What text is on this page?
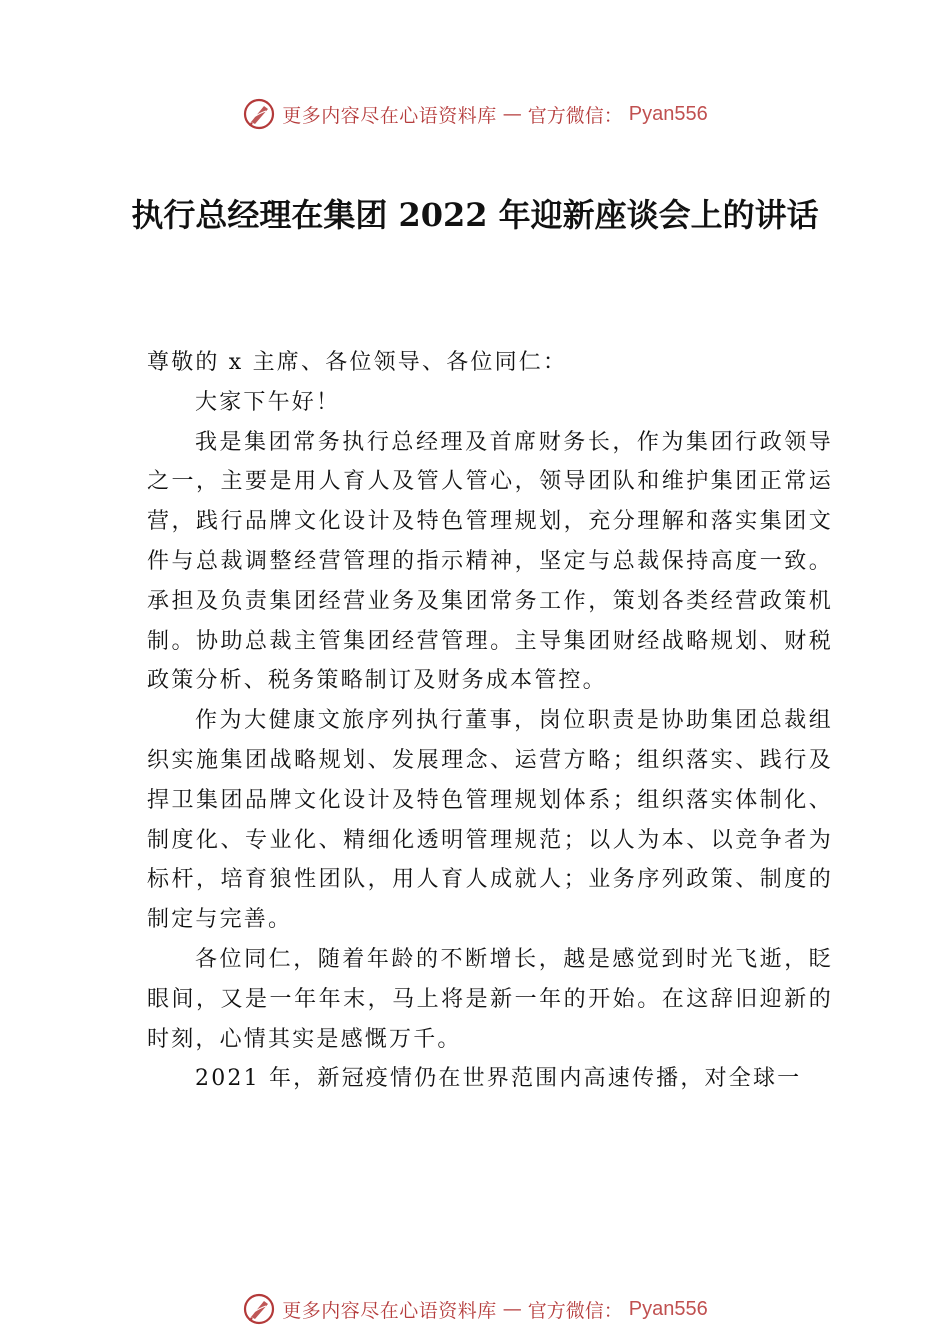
更多内容尽在心语资料库 — 官方微信： Pyan556
执行总经理在集团 2022 年迎新座谈会上的讲话

尊敬的 x 主席、各位领导、各位同仁：

大家下午好！

我是集团常务执行总经理及首席财务长，作为集团行政领导之一，主要是用人育人及管人管心，领导团队和维护集团正常运营，践行品牌文化设计及特色管理规划，充分理解和落实集团文件与总裁调整经营管理的指示精神，坚定与总裁保持高度一致。承担及负责集团经营业务及集团常务工作，策划各类经营政策机制。协助总裁主管集团经营管理。主导集团财经战略规划、财税政策分析、税务策略制订及财务成本管控。

作为大健康文旅序列执行董事，岗位职责是协助集团总裁组织实施集团战略规划、发展理念、运营方略；组织落实、践行及捍卫集团品牌文化设计及特色管理规划体系；组织落实体制化、制度化、专业化、精细化透明管理规范；以人为本、以竞争者为标杆，培育狼性团队，用人育人成就人；业务序列政策、制度的制定与完善。

各位同仁，随着年龄的不断增长，越是感觉到时光飞逝，眨眼间，又是一年年末，马上将是新一年的开始。在这辞旧迎新的时刻，心情其实是感慨万千。

2021 年，新冠疫情仍在世界范围内高速传播，对全球一

更多内容尽在心语资料库 — 官方微信： Pyan556
